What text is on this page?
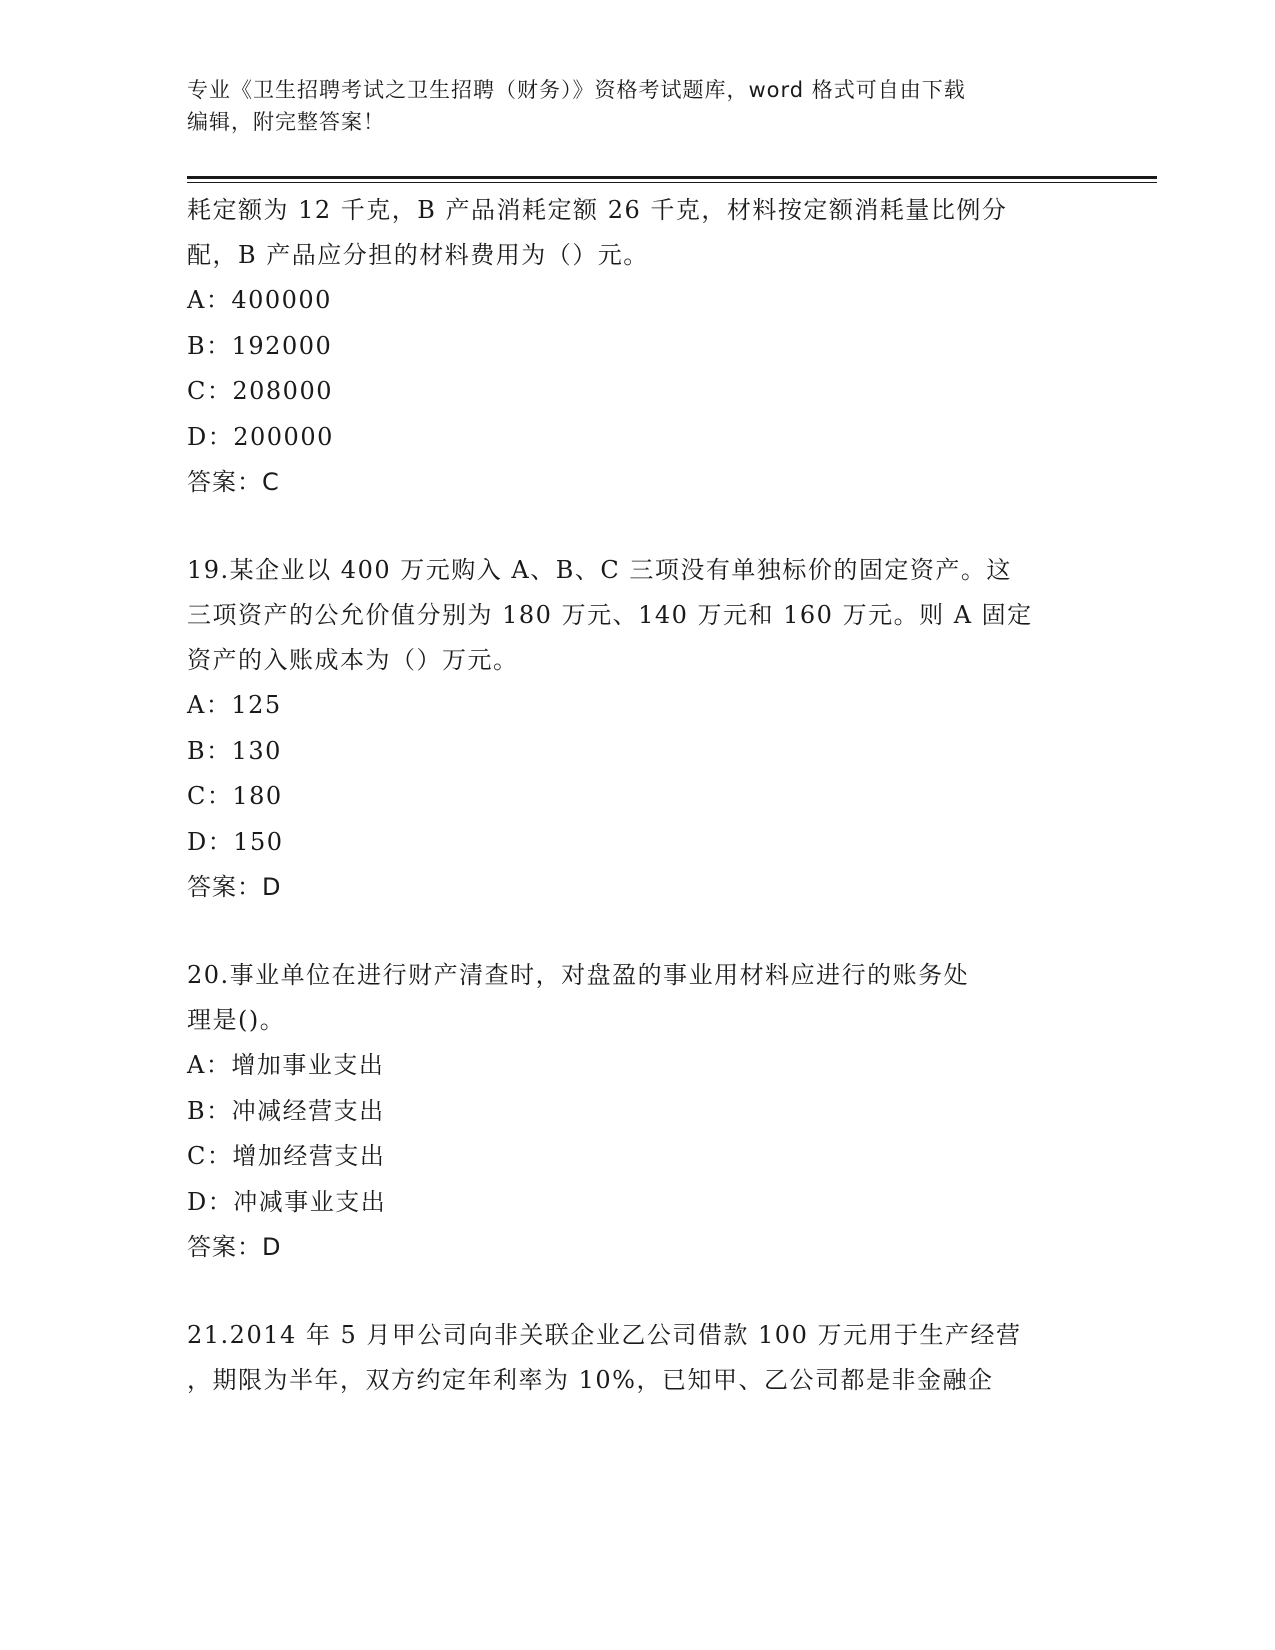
专业《卫生招聘考试之卫生招聘（财务）》资格考试题库，word 格式可自由下载
编辑，附完整答案！

耗定额为 12 千克，B 产品消耗定额 26 千克，材料按定额消耗量比例分

配，B 产品应分担的材料费用为（）元。

A：400000

B：192000

C：208000

D：200000

答案：C

19.某企业以 400 万元购入 A、B、C 三项没有单独标价的固定资产。这

三项资产的公允价值分别为 180 万元、140 万元和 160 万元。则 A 固定

资产的入账成本为（）万元。

A：125

B：130

C：180

D：150

答案：D

20.事业单位在进行财产清查时，对盘盈的事业用材料应进行的账务处

理是()。

A：增加事业支出

B：冲减经营支出

C：增加经营支出

D：冲减事业支出

答案：D

21.2014 年 5 月甲公司向非关联企业乙公司借款 100 万元用于生产经营

，期限为半年，双方约定年利率为 10%，已知甲、乙公司都是非金融企
